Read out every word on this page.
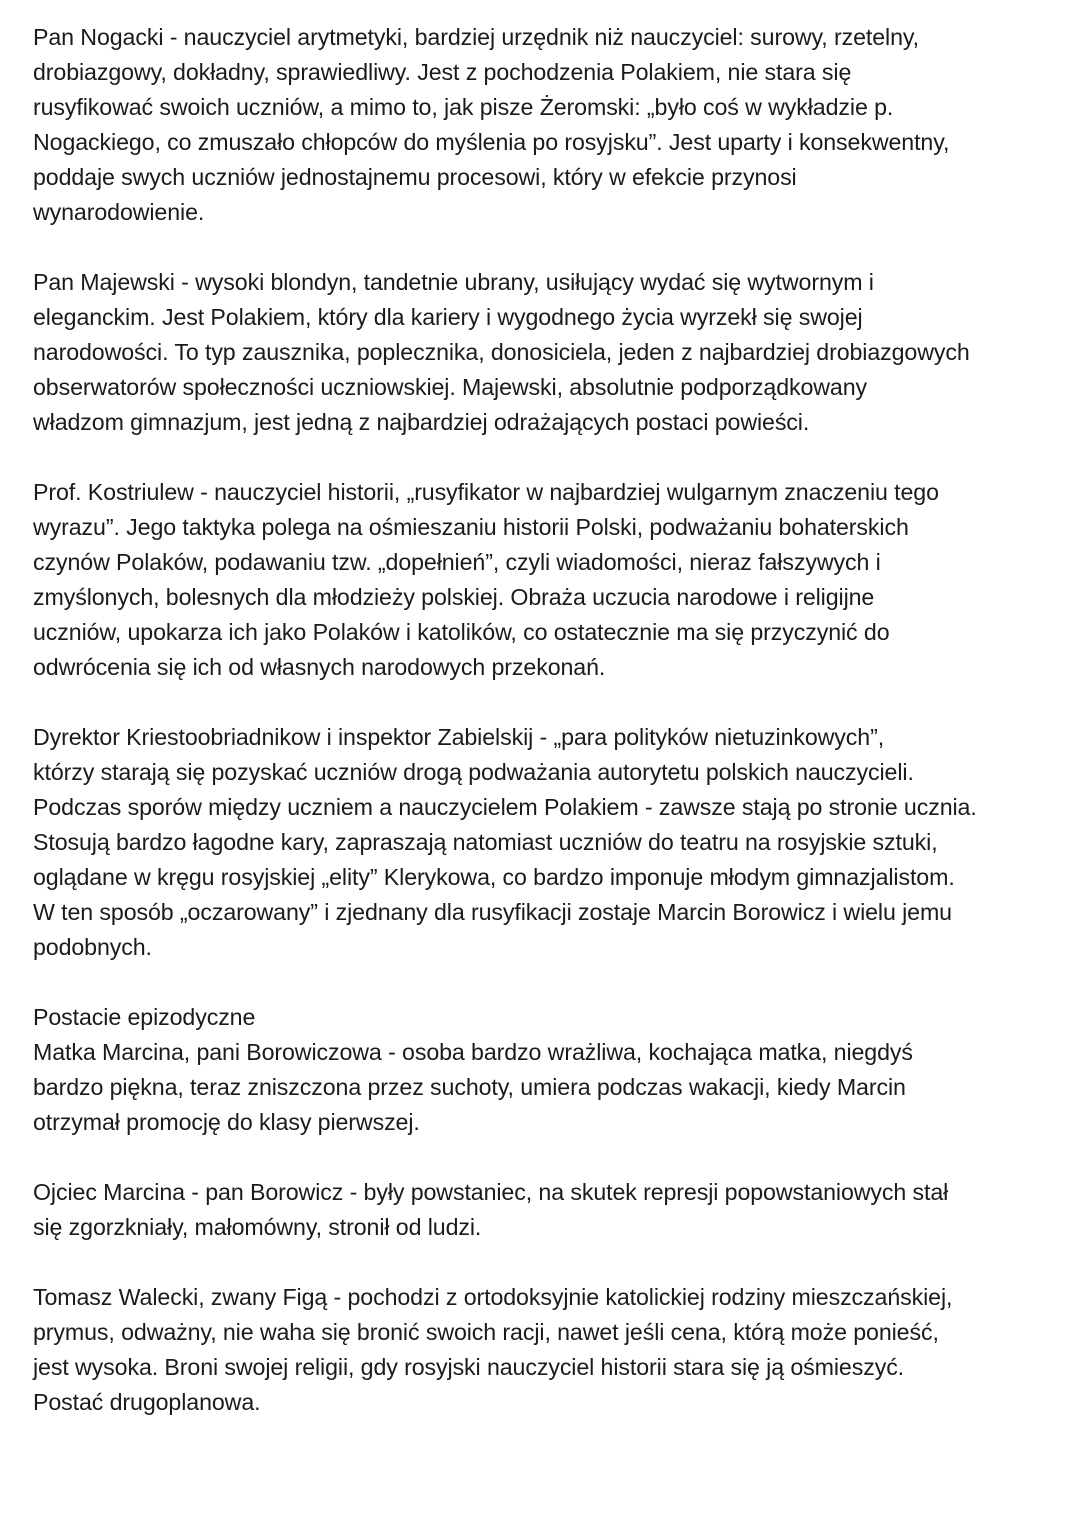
Pan Nogacki - nauczyciel arytmetyki, bardziej urzędnik niż nauczyciel: surowy, rzetelny,
drobiazgowy, dokładny, sprawiedliwy. Jest z pochodzenia Polakiem, nie stara się
rusyfikować swoich uczniów, a mimo to, jak pisze Żeromski: „było coś w wykładzie p.
Nogackiego, co zmuszało chłopców do myślenia po rosyjsku”. Jest uparty i konsekwentny,
poddaje swych uczniów jednostajnemu procesowi, który w efekcie przynosi
wynarodowienie.

Pan Majewski - wysoki blondyn, tandetnie ubrany, usiłujący wydać się wytwornym i
eleganckim. Jest Polakiem, który dla kariery i wygodnego życia wyrzekł się swojej
narodowości. To typ zausznika, poplecznika, donosiciela, jeden z najbardziej drobiazgowych
obserwatorów społeczności uczniowskiej. Majewski, absolutnie podporządkowany
władzom gimnazjum, jest jedną z najbardziej odrażających postaci powieści.

Prof. Kostriulew - nauczyciel historii, „rusyfikator w najbardziej wulgarnym znaczeniu tego
wyrazu”. Jego taktyka polega na ośmieszaniu historii Polski, podważaniu bohaterskich
czynów Polaków, podawaniu tzw. „dopełnień”, czyli wiadomości, nieraz fałszywych i
zmyślonych, bolesnych dla młodzieży polskiej. Obraża uczucia narodowe i religijne
uczniów, upokarza ich jako Polaków i katolików, co ostatecznie ma się przyczynić do
odwrócenia się ich od własnych narodowych przekonań.

Dyrektor Kriestoobriadnikow i inspektor Zabielskij - „para polityków nietuzinkowych”,
którzy starają się pozyskać uczniów drogą podważania autorytetu polskich nauczycieli.
Podczas sporów między uczniem a nauczycielem Polakiem - zawsze stają po stronie ucznia.
Stosują bardzo łagodne kary, zapraszają natomiast uczniów do teatru na rosyjskie sztuki,
oglądane w kręgu rosyjskiej „elity” Klerykowa, co bardzo imponuje młodym gimnazjalistom.
W ten sposób „oczarowany” i zjednany dla rusyfikacji zostaje Marcin Borowicz i wielu jemu
podobnych.

Postacie epizodyczne
Matka Marcina, pani Borowiczowa - osoba bardzo wrażliwa, kochająca matka, niegdyś
bardzo piękna, teraz zniszczona przez suchoty, umiera podczas wakacji, kiedy Marcin
otrzymał promocję do klasy pierwszej.

Ojciec Marcina - pan Borowicz - były powstaniec, na skutek represji popowstaniowych stał
się zgorzkniały, małomówny, stronił od ludzi.

Tomasz Walecki, zwany Figą - pochodzi z ortodoksyjnie katolickiej rodziny mieszczańskiej,
prymus, odważny, nie waha się bronić swoich racji, nawet jeśli cena, którą może ponieść,
jest wysoka. Broni swojej religii, gdy rosyjski nauczyciel historii stara się ją ośmieszyć.
Postać drugoplanowa.
